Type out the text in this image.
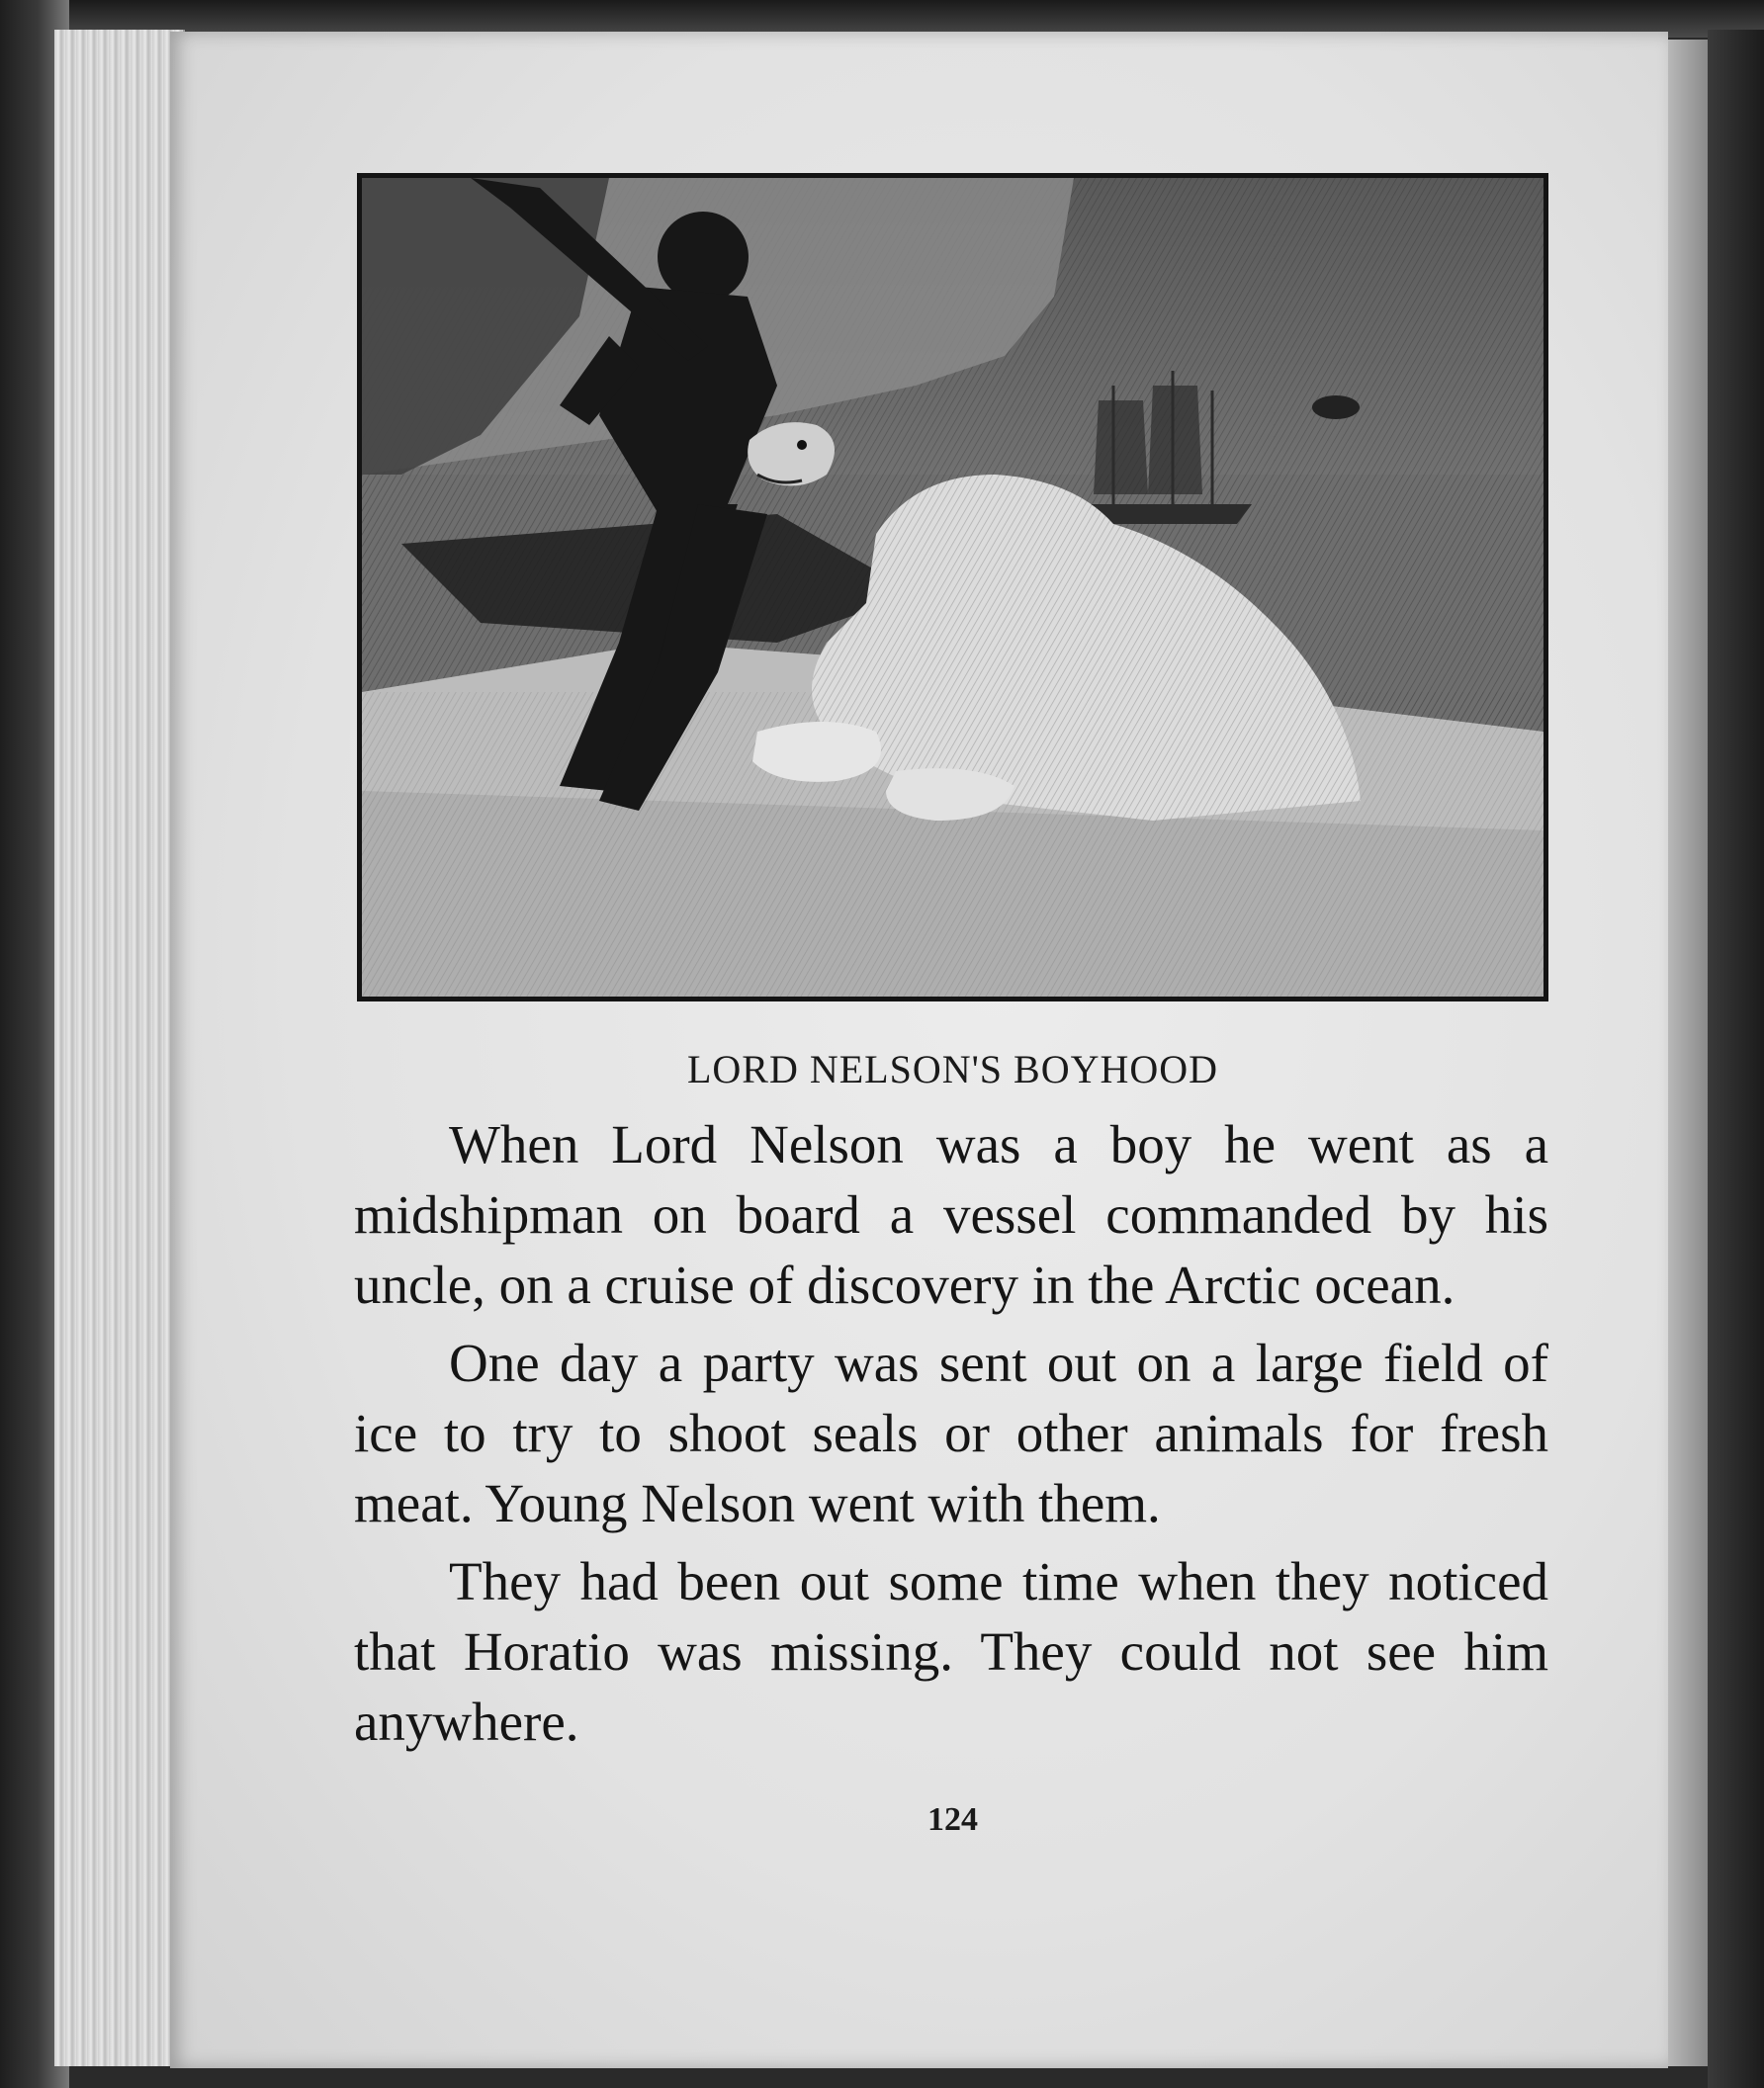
LORD NELSON'S BOYHOOD

When Lord Nelson was a boy he went as a midshipman on board a vessel commanded by his uncle, on a cruise of discovery in the Arctic ocean.

One day a party was sent out on a large field of ice to try to shoot seals or other animals for fresh meat. Young Nelson went with them.

They had been out some time when they noticed that Horatio was missing. They could not see him anywhere.

124
